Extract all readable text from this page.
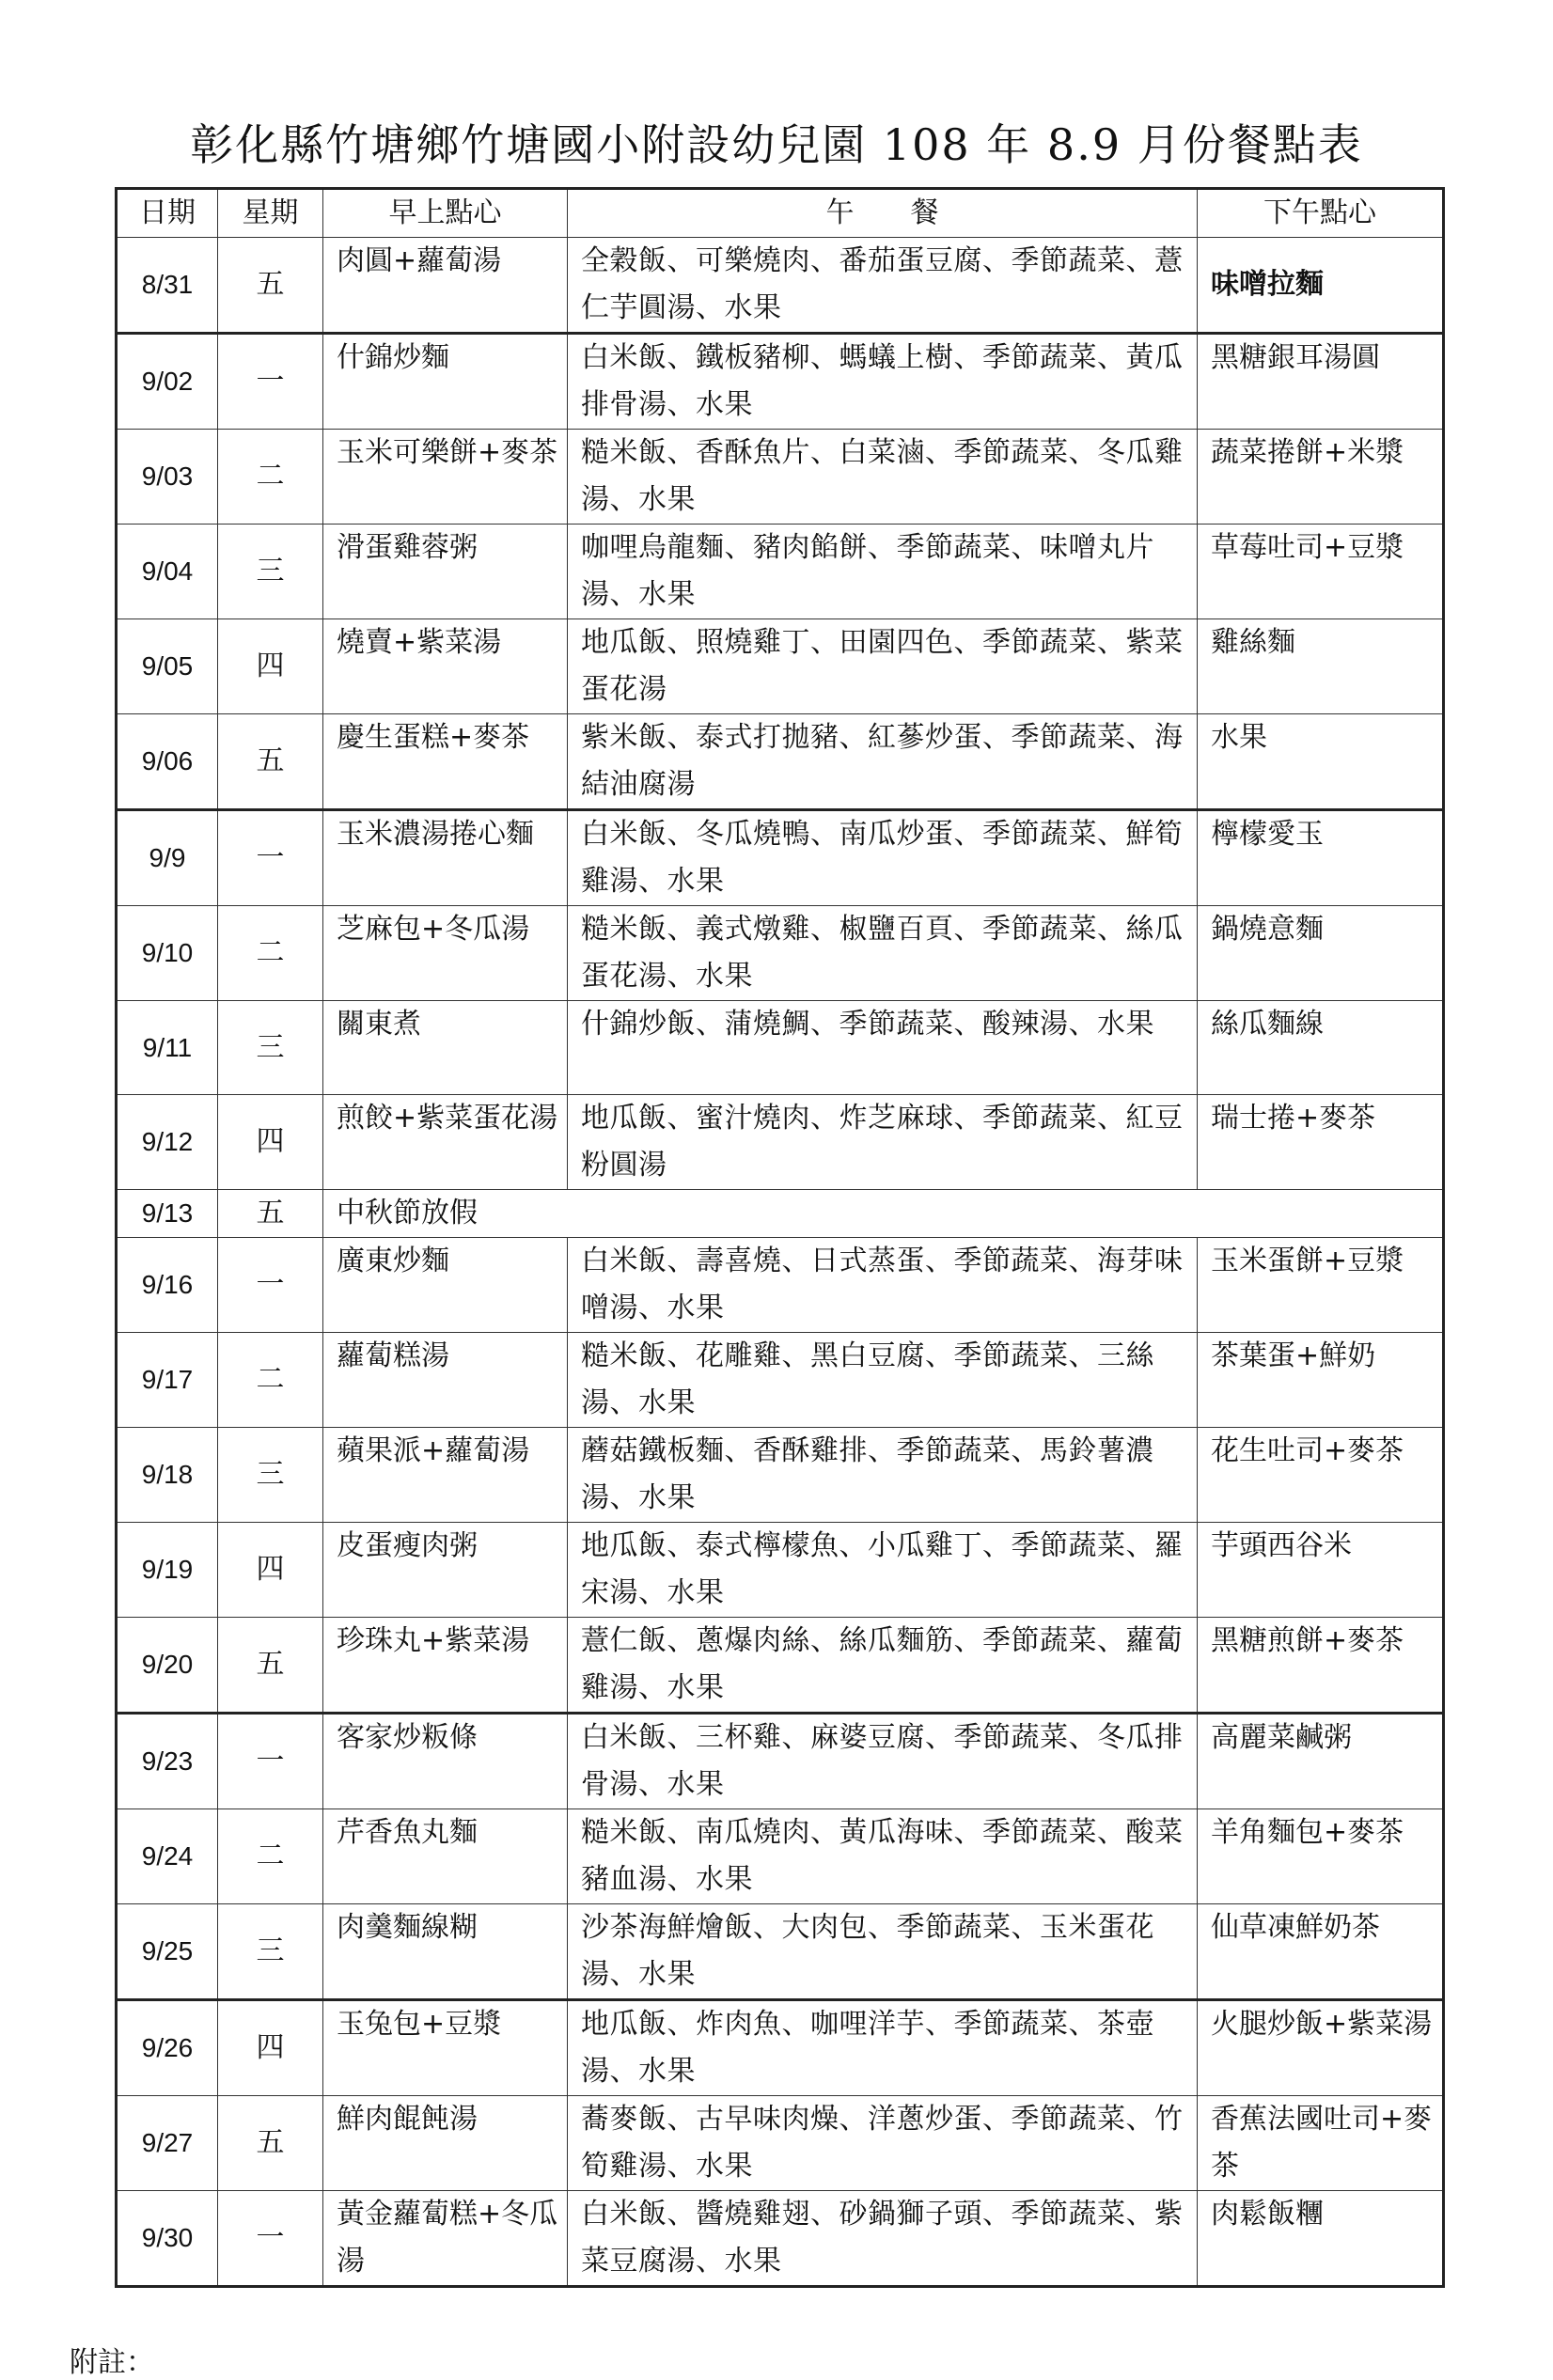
彰化縣竹塘鄉竹塘國小附設幼兒園 108 年 8.9 月份餐點表
日期	星期	早上點心	午　　餐	下午點心
8/31	五	肉圓+蘿蔔湯	全穀飯、可樂燒肉、番茄蛋豆腐、季節蔬菜、薏仁芋圓湯、水果	味噌拉麵
9/02	一	什錦炒麵	白米飯、鐵板豬柳、螞蟻上樹、季節蔬菜、黃瓜排骨湯、水果	黑糖銀耳湯圓
9/03	二	玉米可樂餅+麥茶	糙米飯、香酥魚片、白菜滷、季節蔬菜、冬瓜雞湯、水果	蔬菜捲餅+米漿
9/04	三	滑蛋雞蓉粥	咖哩烏龍麵、豬肉餡餅、季節蔬菜、味噌丸片湯、水果	草莓吐司+豆漿
9/05	四	燒賣+紫菜湯	地瓜飯、照燒雞丁、田園四色、季節蔬菜、紫菜蛋花湯	雞絲麵
9/06	五	慶生蛋糕+麥茶	紫米飯、泰式打拋豬、紅蔘炒蛋、季節蔬菜、海結油腐湯	水果
9/9	一	玉米濃湯捲心麵	白米飯、冬瓜燒鴨、南瓜炒蛋、季節蔬菜、鮮筍雞湯、水果	檸檬愛玉
9/10	二	芝麻包+冬瓜湯	糙米飯、義式燉雞、椒鹽百頁、季節蔬菜、絲瓜蛋花湯、水果	鍋燒意麵
9/11	三	關東煮	什錦炒飯、蒲燒鯛、季節蔬菜、酸辣湯、水果	絲瓜麵線
9/12	四	煎餃+紫菜蛋花湯	地瓜飯、蜜汁燒肉、炸芝麻球、季節蔬菜、紅豆粉圓湯	瑞士捲+麥茶
9/13	五	中秋節放假		
9/16	一	廣東炒麵	白米飯、壽喜燒、日式蒸蛋、季節蔬菜、海芽味噌湯、水果	玉米蛋餅+豆漿
9/17	二	蘿蔔糕湯	糙米飯、花雕雞、黑白豆腐、季節蔬菜、三絲湯、水果	茶葉蛋+鮮奶
9/18	三	蘋果派+蘿蔔湯	蘑菇鐵板麵、香酥雞排、季節蔬菜、馬鈴薯濃湯、水果	花生吐司+麥茶
9/19	四	皮蛋瘦肉粥	地瓜飯、泰式檸檬魚、小瓜雞丁、季節蔬菜、羅宋湯、水果	芋頭西谷米
9/20	五	珍珠丸+紫菜湯	薏仁飯、蔥爆肉絲、絲瓜麵筋、季節蔬菜、蘿蔔雞湯、水果	黑糖煎餅+麥茶
9/23	一	客家炒粄條	白米飯、三杯雞、麻婆豆腐、季節蔬菜、冬瓜排骨湯、水果	高麗菜鹹粥
9/24	二	芹香魚丸麵	糙米飯、南瓜燒肉、黃瓜海味、季節蔬菜、酸菜豬血湯、水果	羊角麵包+麥茶
9/25	三	肉羹麵線糊	沙茶海鮮燴飯、大肉包、季節蔬菜、玉米蛋花湯、水果	仙草凍鮮奶茶
9/26	四	玉兔包+豆漿	地瓜飯、炸肉魚、咖哩洋芋、季節蔬菜、茶壺湯、水果	火腿炒飯+紫菜湯
9/27	五	鮮肉餛飩湯	蕎麥飯、古早味肉燥、洋蔥炒蛋、季節蔬菜、竹筍雞湯、水果	香蕉法國吐司+麥茶
9/30	一	黃金蘿蔔糕+冬瓜湯	白米飯、醬燒雞翅、砂鍋獅子頭、季節蔬菜、紫菜豆腐湯、水果	肉鬆飯糰
附註：
